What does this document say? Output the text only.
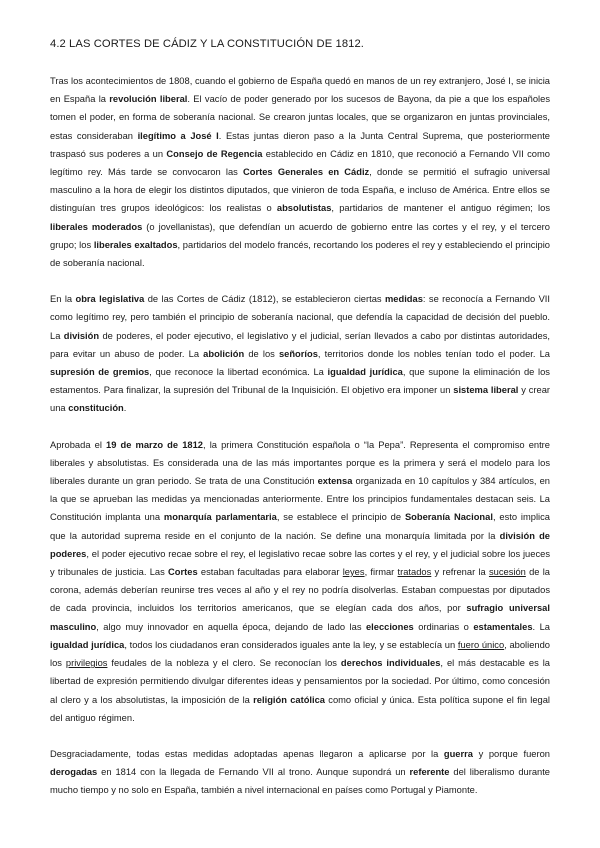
4.2 LAS CORTES DE CÁDIZ Y LA CONSTITUCIÓN DE 1812.
Tras los acontecimientos de 1808, cuando el gobierno de España quedó en manos de un rey extranjero, José I, se inicia en España la revolución liberal. El vacío de poder generado por los sucesos de Bayona, da pie a que los españoles tomen el poder, en forma de soberanía nacional. Se crearon juntas locales, que se organizaron en juntas provinciales, estas consideraban ilegítimo a José I. Estas juntas dieron paso a la Junta Central Suprema, que posteriormente traspasó sus poderes a un Consejo de Regencia establecido en Cádiz en 1810, que reconoció a Fernando VII como legítimo rey. Más tarde se convocaron las Cortes Generales en Cádiz, donde se permitió el sufragio universal masculino a la hora de elegir los distintos diputados, que vinieron de toda España, e incluso de América. Entre ellos se distinguían tres grupos ideológicos: los realistas o absolutistas, partidarios de mantener el antiguo régimen; los liberales moderados (o jovellanistas), que defendían un acuerdo de gobierno entre las cortes y el rey, y el tercero grupo; los liberales exaltados, partidarios del modelo francés, recortando los poderes el rey y estableciendo el principio de soberanía nacional.
En la obra legislativa de las Cortes de Cádiz (1812), se establecieron ciertas medidas: se reconocía a Fernando VII como legítimo rey, pero también el principio de soberanía nacional, que defendía la capacidad de decisión del pueblo. La división de poderes, el poder ejecutivo, el legislativo y el judicial, serían llevados a cabo por distintas autoridades, para evitar un abuso de poder. La abolición de los señoríos, territorios donde los nobles tenían todo el poder. La supresión de gremios, que reconoce la libertad económica. La igualdad jurídica, que supone la eliminación de los estamentos. Para finalizar, la supresión del Tribunal de la Inquisición. El objetivo era imponer un sistema liberal y crear una constitución.
Aprobada el 19 de marzo de 1812, la primera Constitución española o “la Pepa”. Representa el compromiso entre liberales y absolutistas. Es considerada una de las más importantes porque es la primera y será el modelo para los liberales durante un gran periodo. Se trata de una Constitución extensa organizada en 10 capítulos y 384 artículos, en la que se aprueban las medidas ya mencionadas anteriormente. Entre los principios fundamentales destacan seis. La Constitución implanta una monarquía parlamentaria, se establece el principio de Soberanía Nacional, esto implica que la autoridad suprema reside en el conjunto de la nación. Se define una monarquía limitada por la división de poderes, el poder ejecutivo recae sobre el rey, el legislativo recae sobre las cortes y el rey, y el judicial sobre los jueces y tribunales de justicia. Las Cortes estaban facultadas para elaborar leyes, firmar tratados y refrenar la sucesión de la corona, además deberían reunirse tres veces al año y el rey no podría disolverlas. Estaban compuestas por diputados de cada provincia, incluidos los territorios americanos, que se elegían cada dos años, por sufragio universal masculino, algo muy innovador en aquella época, dejando de lado las elecciones ordinarias o estamentales. La igualdad jurídica, todos los ciudadanos eran considerados iguales ante la ley, y se establecía un fuero único, aboliendo los privilegios feudales de la nobleza y el clero. Se reconocían los derechos individuales, el más destacable es la libertad de expresión permitiendo divulgar diferentes ideas y pensamientos por la sociedad. Por último, como concesión al clero y a los absolutistas, la imposición de la religión católica como oficial y única. Esta política supone el fin legal del antiguo régimen.
Desgraciadamente, todas estas medidas adoptadas apenas llegaron a aplicarse por la guerra y porque fueron derogadas en 1814 con la llegada de Fernando VII al trono. Aunque supondrá un referente del liberalismo durante mucho tiempo y no solo en España, también a nivel internacional en países como Portugal y Piamonte.
